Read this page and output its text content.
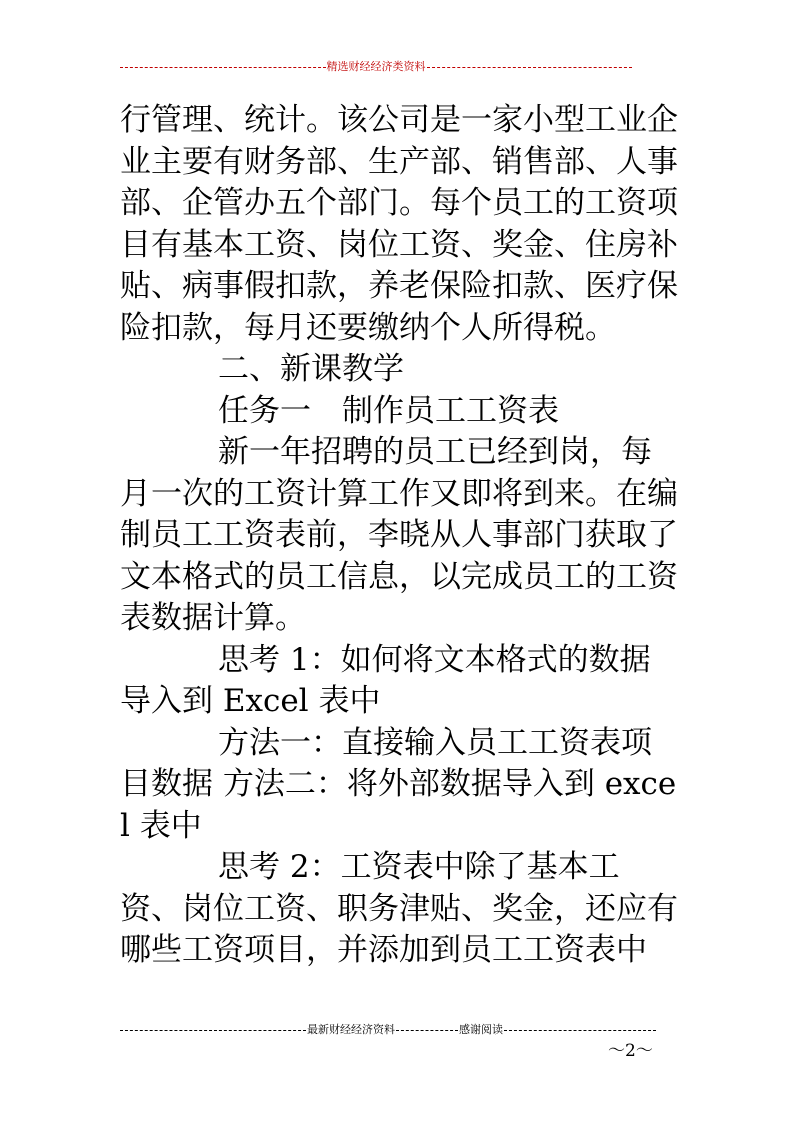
精选财经经济类资料

行管理、统计。该公司是一家小型工业企业主要有财务部、生产部、销售部、人事部、企管办五个部门。每个员工的工资项目有基本工资、岗位工资、奖金、住房补贴、病事假扣款，养老保险扣款、医疗保险扣款，每月还要缴纳个人所得税。

二、新课教学

任务一　制作员工工资表

新一年招聘的员工已经到岗，每月一次的工资计算工作又即将到来。在编制员工工资表前，李晓从人事部门获取了文本格式的员工信息，以完成员工的工资表数据计算。

思考 1：如何将文本格式的数据导入到 Excel 表中

方法一：直接输入员工工资表项目数据 方法二：将外部数据导入到 excel 表中

思考 2：工资表中除了基本工资、岗位工资、职务津贴、奖金，还应有哪些工资项目，并添加到员工工资表中

最新财经经济资料	感谢阅读
～2～
